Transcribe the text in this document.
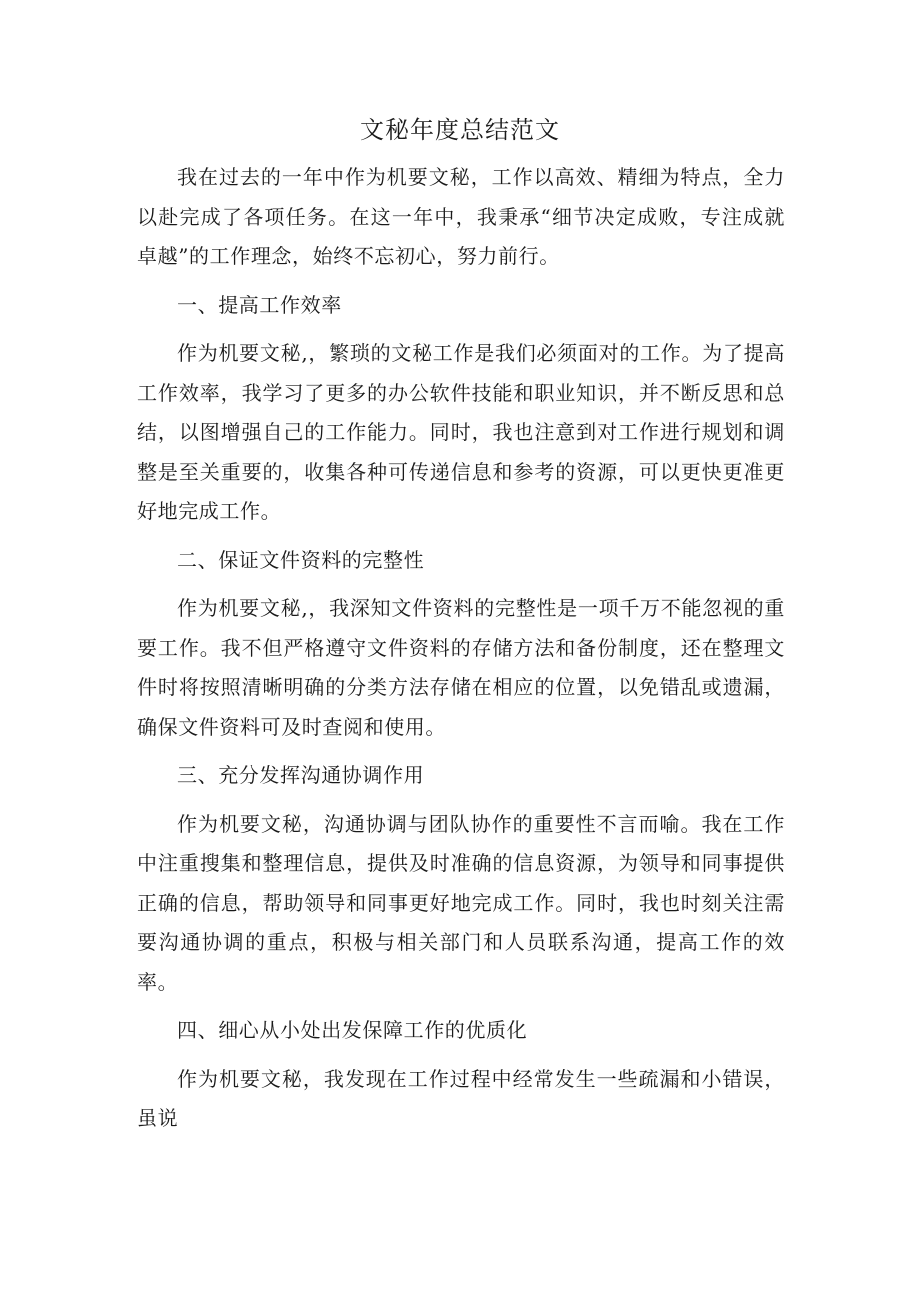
文秘年度总结范文

我在过去的一年中作为机要文秘，工作以高效、精细为特点，全力以赴完成了各项任务。在这一年中，我秉承“细节决定成败，专注成就卓越”的工作理念，始终不忘初心，努力前行。

一、提高工作效率

作为机要文秘,，繁琐的文秘工作是我们必须面对的工作。为了提高工作效率，我学习了更多的办公软件技能和职业知识，并不断反思和总结，以图增强自己的工作能力。同时，我也注意到对工作进行规划和调整是至关重要的，收集各种可传递信息和参考的资源，可以更快更准更好地完成工作。

二、保证文件资料的完整性

作为机要文秘,，我深知文件资料的完整性是一项千万不能忽视的重要工作。我不但严格遵守文件资料的存储方法和备份制度，还在整理文件时将按照清晰明确的分类方法存储在相应的位置，以免错乱或遗漏，确保文件资料可及时查阅和使用。

三、充分发挥沟通协调作用

作为机要文秘，沟通协调与团队协作的重要性不言而喻。我在工作中注重搜集和整理信息，提供及时准确的信息资源，为领导和同事提供正确的信息，帮助领导和同事更好地完成工作。同时，我也时刻关注需要沟通协调的重点，积极与相关部门和人员联系沟通，提高工作的效率。

四、细心从小处出发保障工作的优质化

作为机要文秘，我发现在工作过程中经常发生一些疏漏和小错误，虽说
